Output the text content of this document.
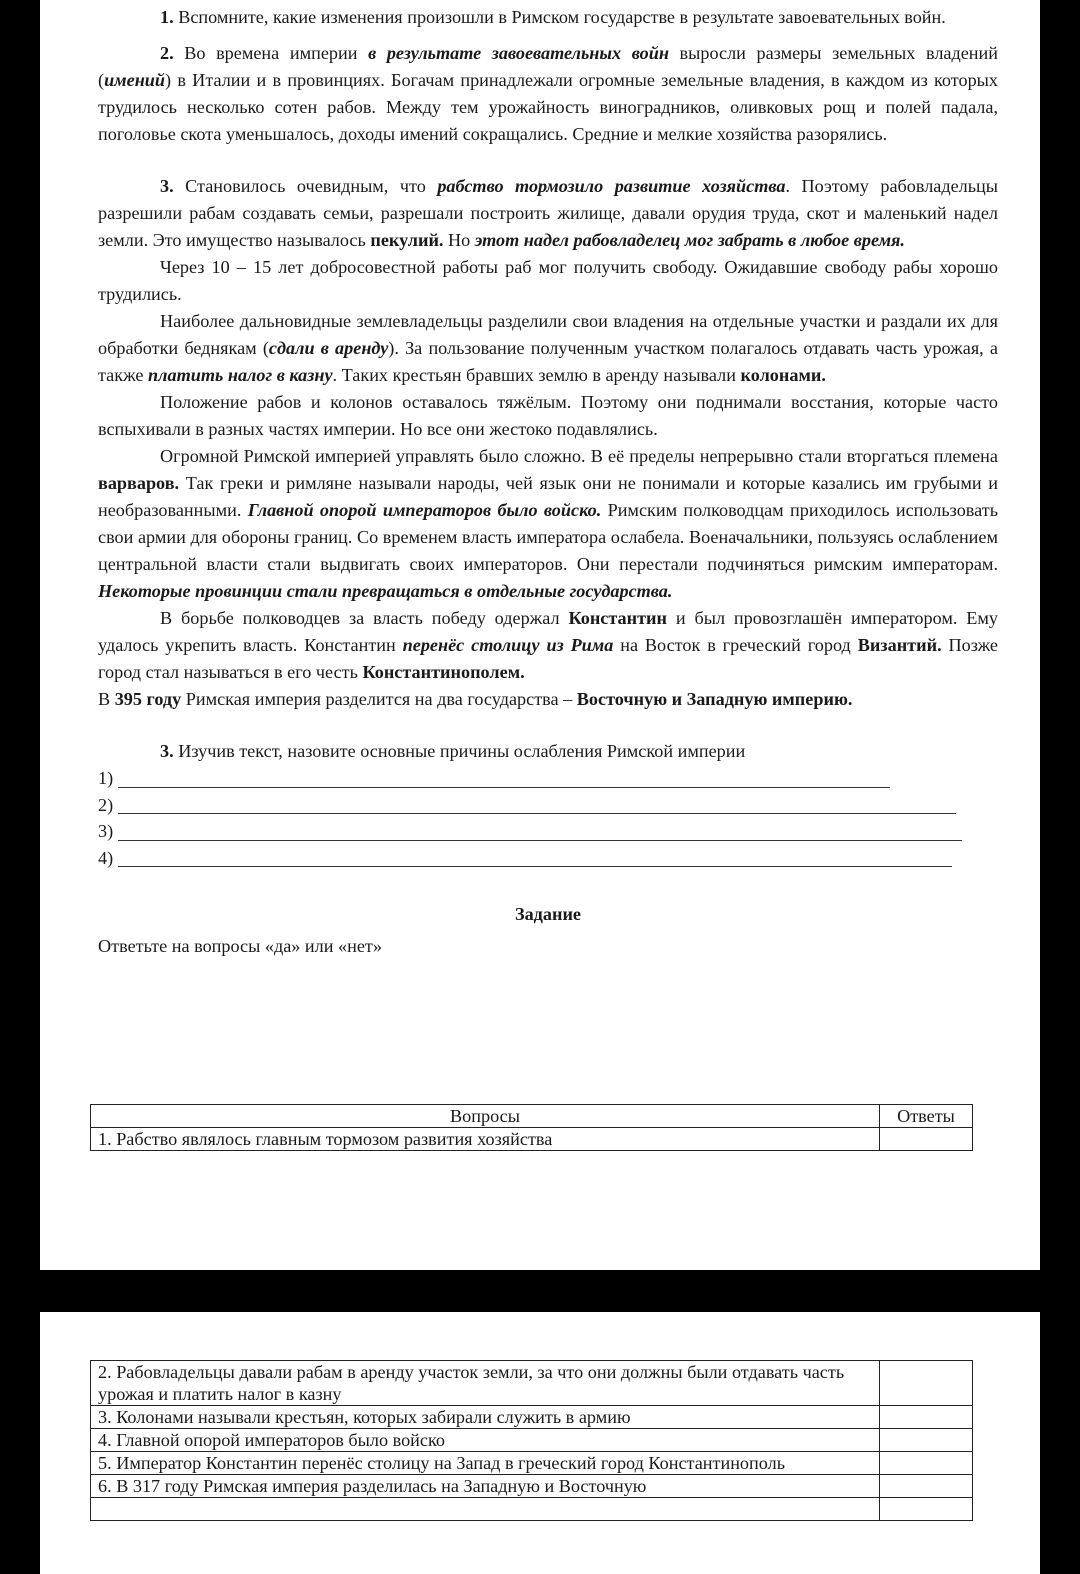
1. Вспомните, какие изменения произошли в Римском государстве в результате завоевательных войн.

2. Во времена империи в результате завоевательных войн выросли размеры земельных владений (имений) в Италии и в провинциях. Богачам принадлежали огромные земельные владения, в каждом из которых трудилось несколько сотен рабов. Между тем урожайность виноградников, оливковых рощ и полей падала, поголовье скота уменьшалось, доходы имений сокращались. Средние и мелкие хозяйства разорялись.

3. Становилось очевидным, что рабство тормозило развитие хозяйства. Поэтому рабовладельцы разрешили рабам создавать семьи, разрешали построить жилище, давали орудия труда, скот и маленький надел земли. Это имущество называлось пекулий. Но этот надел рабовладелец мог забрать в любое время.

Через 10 – 15 лет добросовестной работы раб мог получить свободу. Ожидавшие свободу рабы хорошо трудились.

Наиболее дальновидные землевладельцы разделили свои владения на отдельные участки и раздали их для обработки беднякам (сдали в аренду). За пользование полученным участком полагалось отдавать часть урожая, а также платить налог в казну. Таких крестьян бравших землю в аренду называли колонами.

Положение рабов и колонов оставалось тяжёлым. Поэтому они поднимали восстания, которые часто вспыхивали в разных частях империи. Но все они жестоко подавлялись.

Огромной Римской империей управлять было сложно. В её пределы непрерывно стали вторгаться племена варваров. Так греки и римляне называли народы, чей язык они не понимали и которые казались им грубыми и необразованными. Главной опорой императоров было войско. Римским полководцам приходилось использовать свои армии для обороны границ. Со временем власть императора ослабела. Военачальники, пользуясь ослаблением центральной власти стали выдвигать своих императоров. Они перестали подчиняться римским императорам. Некоторые провинции стали превращаться в отдельные государства.

В борьбе полководцев за власть победу одержал Константин и был провозглашён императором. Ему удалось укрепить власть. Константин перенёс столицу из Рима на Восток в греческий город Византий. Позже город стал называться в его честь Константинополем.

В 395 году Римская империя разделится на два государства – Восточную и Западную империю.

3. Изучив текст, назовите основные причины ослабления Римской империи

1)
2)
3)
4)

Задание

Ответьте на вопросы «да» или «нет»

Вопросы	Ответы
1. Рабство являлось главным тормозом развития хозяйства	
2. Рабовладельцы давали рабам в аренду участок земли, за что они должны были отдавать часть урожая и платить налог в казну	
3. Колонами называли крестьян, которых забирали служить в армию	
4. Главной опорой императоров было войско	
5. Император Константин перенёс столицу на Запад в греческий город Константинополь	
6. В 317 году Римская империя разделилась на Западную и Восточную	
